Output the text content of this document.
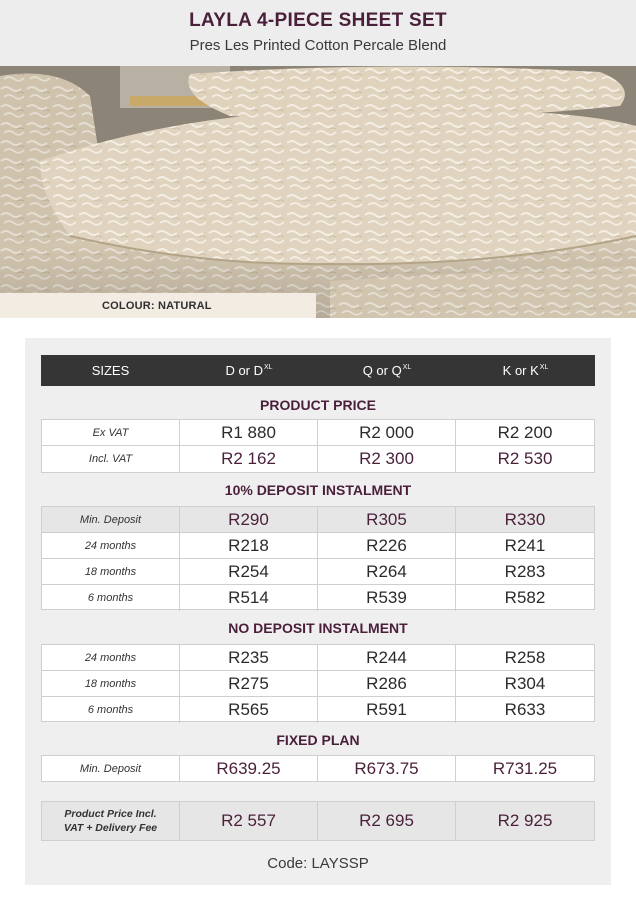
LAYLA 4-PIECE SHEET SET
Pres Les Printed Cotton Percale Blend
COLOUR: NATURAL
SIZES	D or $D^{XL}$	Q or $Q^{XL}$	K or $K^{XL}$
PRODUCT PRICE
Ex VAT	R1 880	R2 000	R2 200
Incl. VAT	R2 162	R2 300	R2 530
10% DEPOSIT INSTALMENT
Min. Deposit	R290	R305	R330
24 months	R218	R226	R241
18 months	R254	R264	R283
6 months	R514	R539	R582
NO DEPOSIT INSTALMENT
24 months	R235	R244	R258
18 months	R275	R286	R304
6 months	R565	R591	R633
FIXED PLAN
Min. Deposit	R639.25	R673.75	R731.25
Product Price Incl.
VAT + Delivery Fee	R2 557	R2 695	R2 925
Code: LAYSSP
